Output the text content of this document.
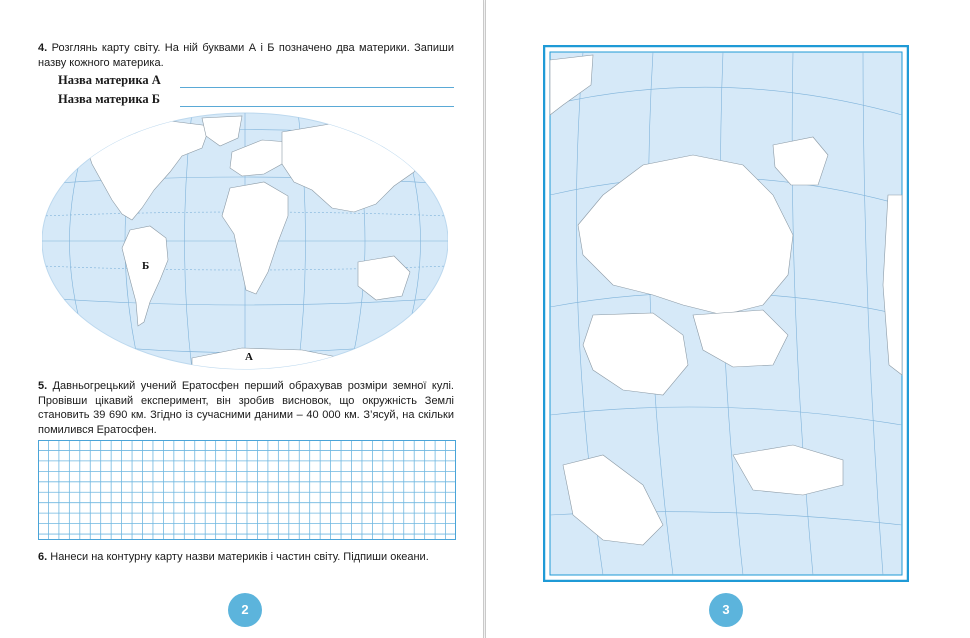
4. Розглянь карту світу. На ній буквами А і Б позначено два материки. Запиши назву кожного материка.
Назва материка А
Назва материка Б
Б
А
5. Давньогрецький учений Ератосфен перший обрахував розміри земної кулі. Провівши цікавий експеримент, він зробив висновок, що окружність Землі становить 39 690 км. Згідно із сучасними даними – 40 000 км. З’ясуй, на скільки помилився Ератосфен.
6. Нанеси на контурну карту назви материків і частин світу. Підпиши океани.
2	3
